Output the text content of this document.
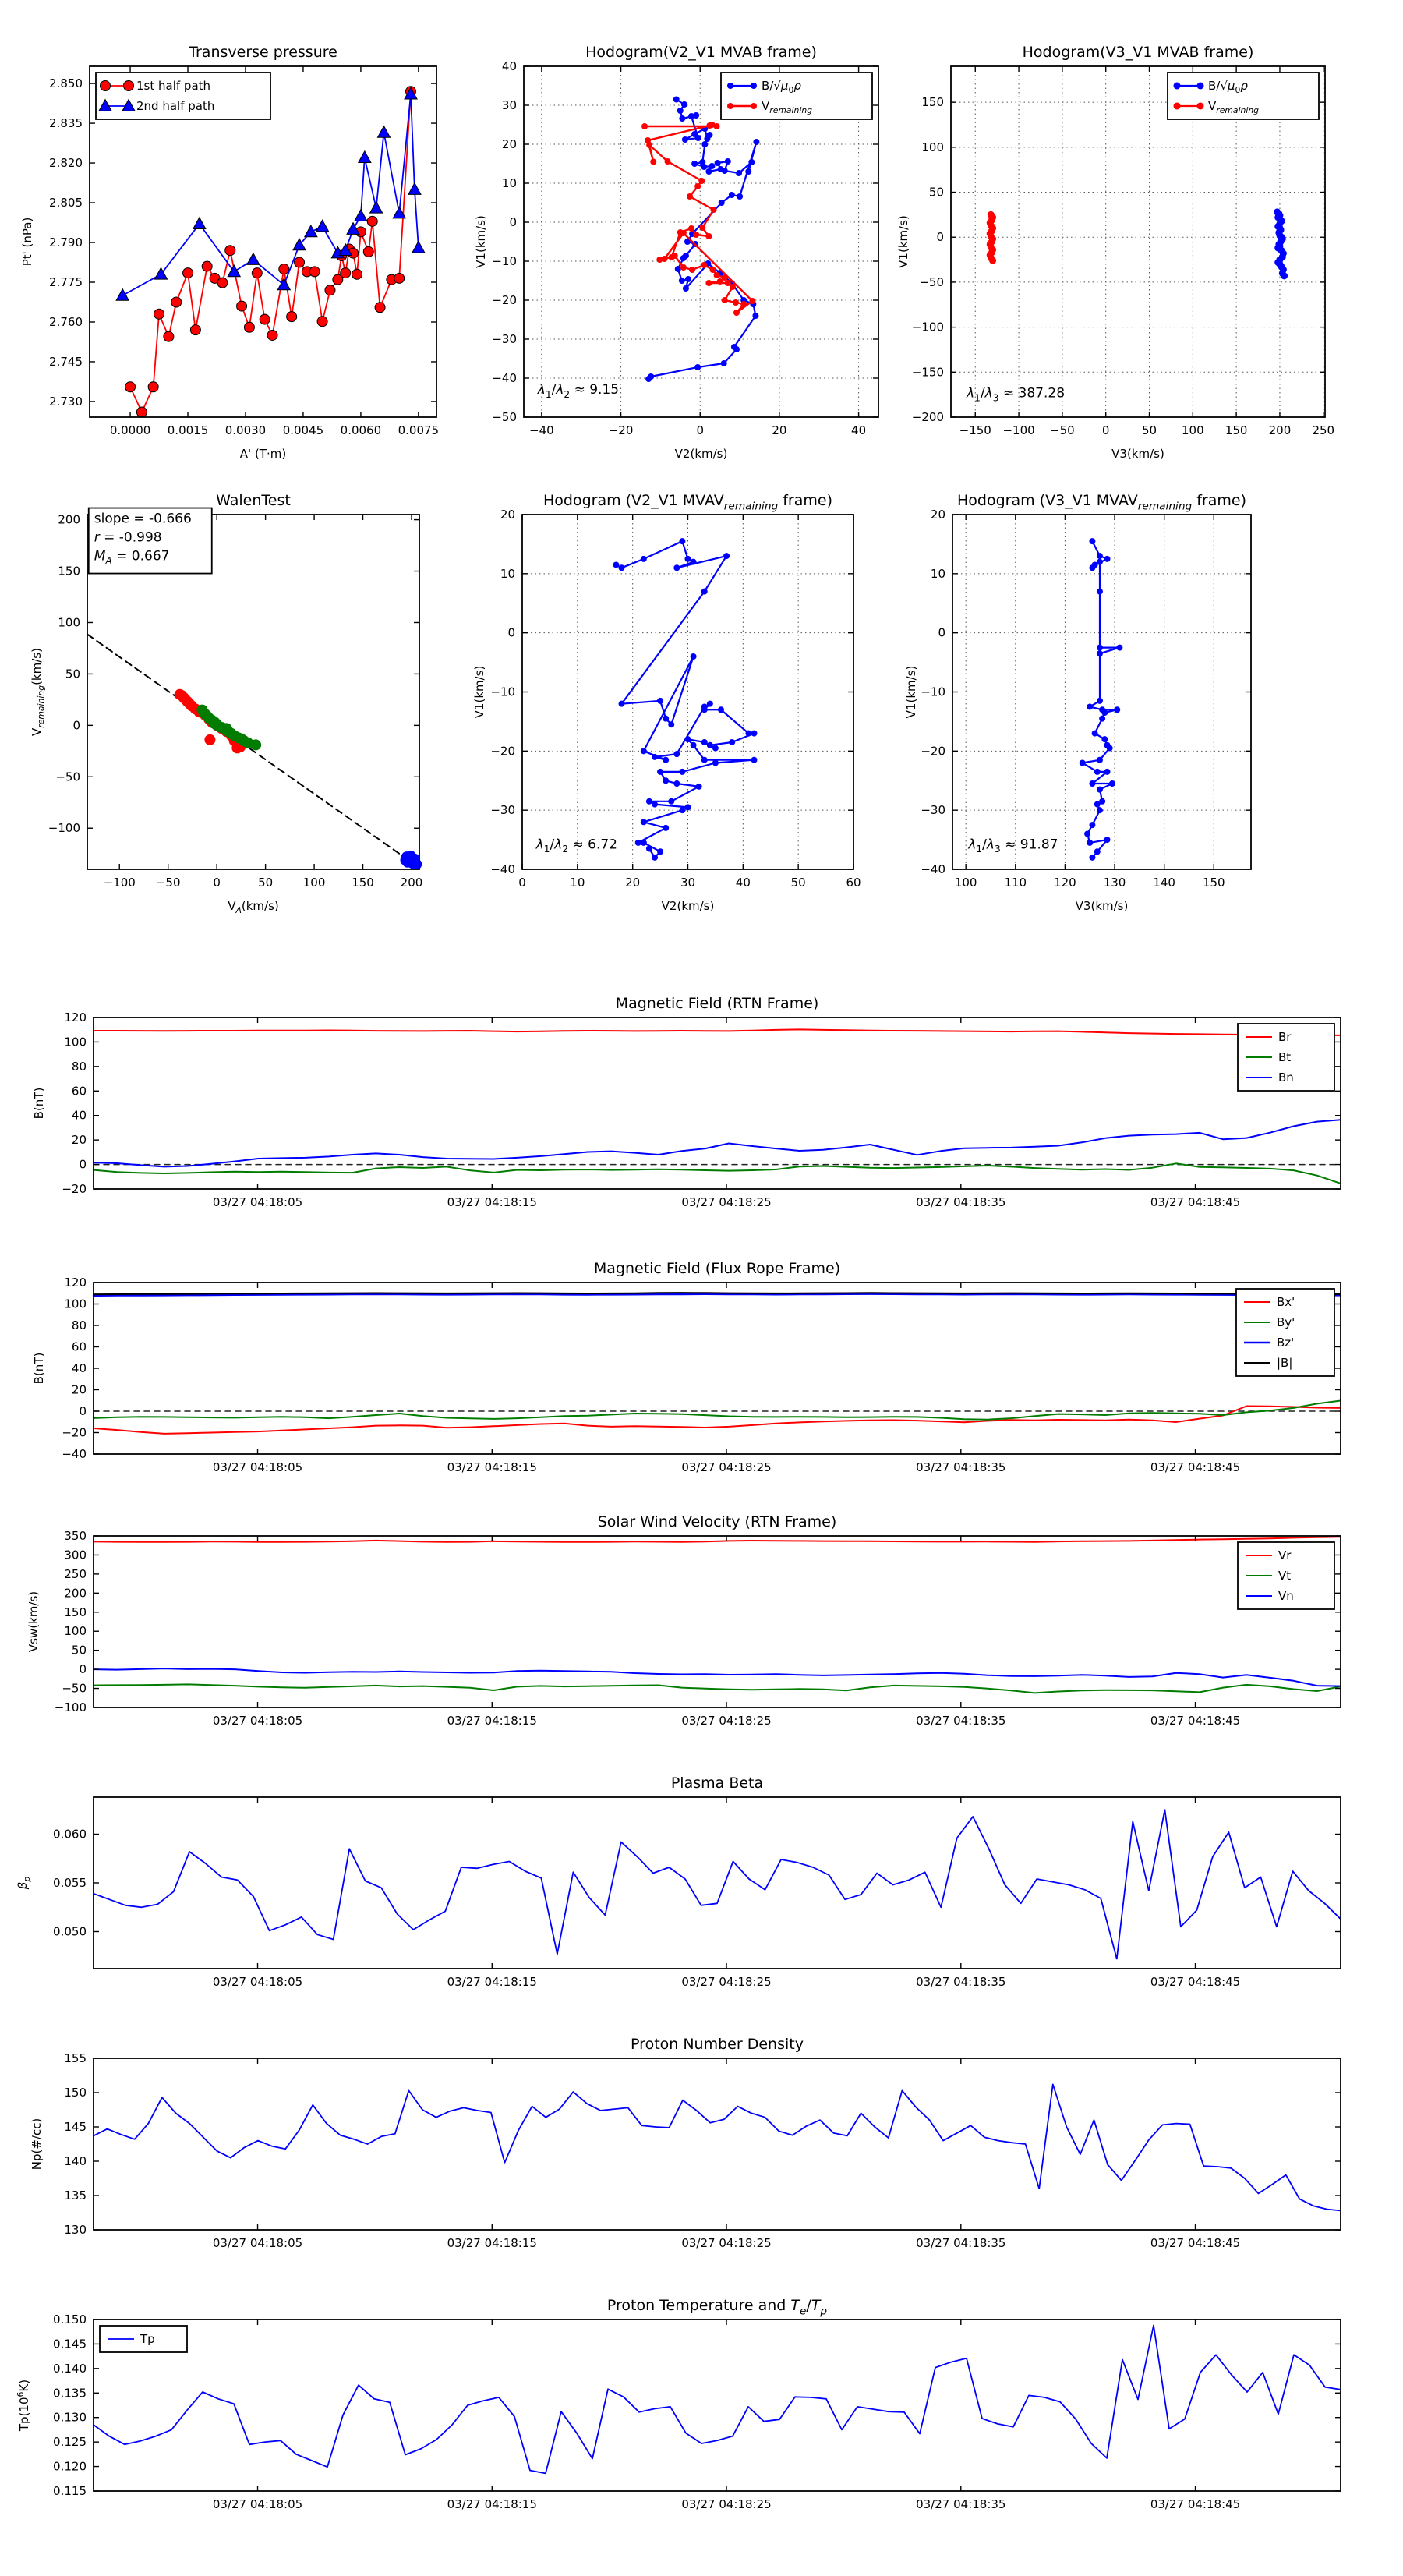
0.0000 0.0015 0.0030 0.0045 0.0060 0.0075
2.730
2.745
2.760
2.775
2.790
2.805
2.820
2.835
2.850
Transverse pressure
A' (T·m)
Pt' (nPa)
1st half path
2nd half path
−40	−20	0	20	40
−50
−40
−30
−20
−10
0
10
20
30
40
Hodogram(V2_V1 MVAB frame)
V2(km/s)
V1(km/s)
$\lambda_1/\lambda_2 \approx 9.15$
$B/√\mu_0\rho$
$V_{remaining}$
−150 −100 −50 0	50 100 150 200 250
−200
−150
−100
−50
0
50
100
150
Hodogram(V3_V1 MVAB frame)
V3(km/s)
V1(km/s)
$\lambda_1/\lambda_3 \approx 387.28$
$B/√\mu_0\rho$
$V_{remaining}$
−100 −50	0	50	100 150 200
−100
−50
0
50
100
150
200
WalenTest
$V_A(km/s)$
$V_{remaining}(km/s)$
slope = -0.666
r = -0.998
$M_A = 0.667$
0	10	20	30	40	50	60
−40
−30
−20
−10
0
10
20
Hodogram (V2_V1 $MVAV_{remaining}$ frame)
V2(km/s)
V1(km/s)
$\lambda_1/\lambda_2 \approx 6.72$
100 110 120 130 140 150
−40
−30
−20
−10
0
10
20
Hodogram (V3_V1 $MVAV_{remaining}$ frame)
V3(km/s)
V1(km/s)
$\lambda_1/\lambda_3 \approx 91.87$
03/27 04:18:05	03/27 04:18:15	03/27 04:18:25	03/27 04:18:35	03/27 04:18:45
−20
0
20
40
60
80
100
120
Magnetic Field (RTN Frame)
B(nT)
Br
Bt
Bn
03/27 04:18:05	03/27 04:18:15	03/27 04:18:25	03/27 04:18:35	03/27 04:18:45
−40
−20
0
20
40
60
80
100
120
Magnetic Field (Flux Rope Frame)
B(nT)
Bx'
By'
Bz'
|B|
03/27 04:18:05	03/27 04:18:15	03/27 04:18:25	03/27 04:18:35	03/27 04:18:45
−100
−50
0
50
100
150
200
250
300
350
Solar Wind Velocity (RTN Frame)
Vsw(km/s)
Vr
Vt
Vn
03/27 04:18:05	03/27 04:18:15	03/27 04:18:25	03/27 04:18:35	03/27 04:18:45
0.050
0.055
0.060
Plasma Beta
$\beta_p$
03/27 04:18:05	03/27 04:18:15	03/27 04:18:25	03/27 04:18:35	03/27 04:18:45
130
135
140
145
150
155
Proton Number Density
Np(#/cc)
03/27 04:18:05	03/27 04:18:15	03/27 04:18:25	03/27 04:18:35	03/27 04:18:45
0.115
0.120
0.125
0.130
0.135
0.140
0.145
0.150
Proton Temperature and $T_e/T_p$
$Tp(10^6K)$
Tp
